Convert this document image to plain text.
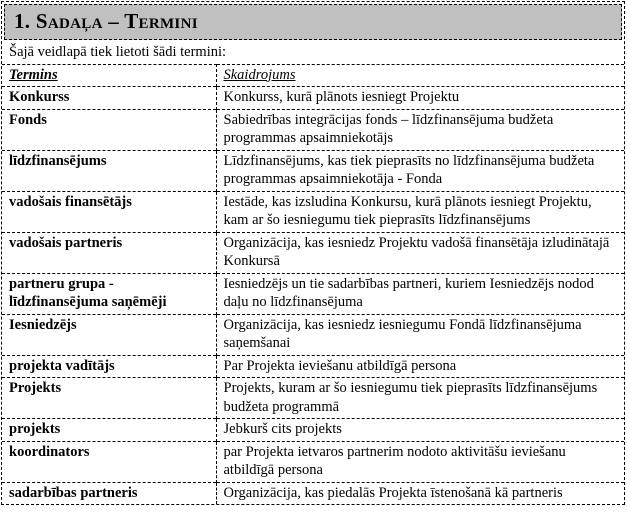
1. Sadaļa – Termini
Šajā veidlapā tiek lietoti šādi termini:	
Termins	Skaidrojums
Konkurss	Konkurss, kurā plānots iesniegt Projektu
Fonds	Sabiedrības integrācijas fonds – līdzfinansējuma budžeta programmas apsaimniekotājs
līdzfinansējums	Līdzfinansējums, kas tiek pieprasīts no līdzfinansējuma budžeta programmas apsaimniekotāja - Fonda
vadošais finansētājs	Iestāde, kas izsludina Konkursu, kurā plānots iesniegt Projektu, kam ar šo iesniegumu tiek pieprasīts līdzfinansējums
vadošais partneris	Organizācija, kas iesniedz Projektu vadošā finansētāja izludinātajā Konkursā
partneru grupa - līdzfinansējuma saņēmēji	Iesniedzējs un tie sadarbības partneri, kuriem Iesniedzējs nodod daļu no līdzfinansējuma
Iesniedzējs	Organizācija, kas iesniedz iesniegumu Fondā līdzfinansējuma saņemšanai
projekta vadītājs	Par Projekta ieviešanu atbildīgā persona
Projekts	Projekts, kuram ar šo iesniegumu tiek pieprasīts līdzfinansējums budžeta programmā
projekts	Jebkurš cits projekts
koordinators	par Projekta ietvaros partnerim nodoto aktivitāšu ieviešanu atbildīgā persona
sadarbības partneris	Organizācija, kas piedalās Projekta īstenošanā kā partneris
